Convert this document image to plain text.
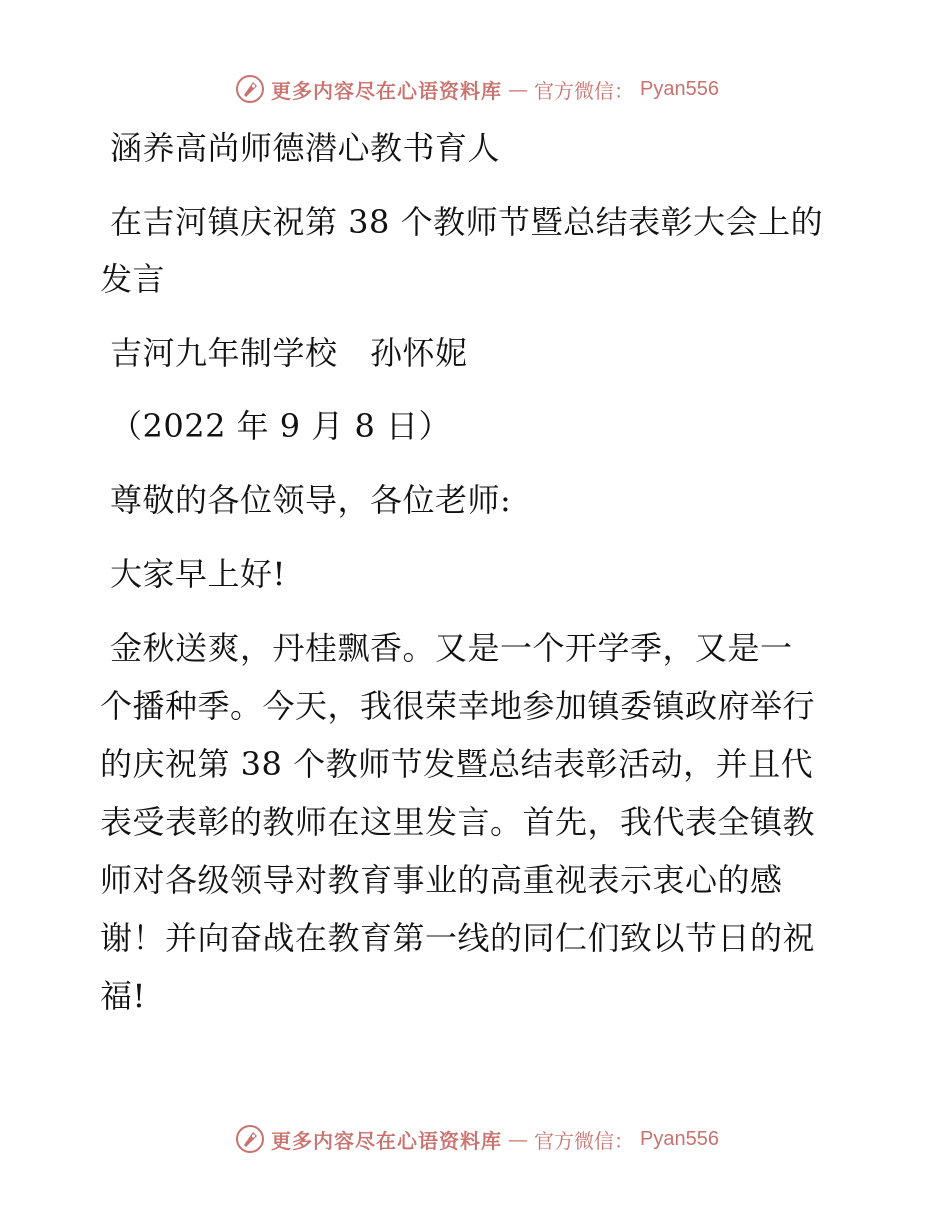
更多内容尽在心语资料库 — 官方微信： Pyan556
涵养高尚师德潜心教书育人
在吉河镇庆祝第 38 个教师节暨总结表彰大会上的
发言
吉河九年制学校　孙怀妮
（2022 年 9 月 8 日）
尊敬的各位领导，各位老师:
大家早上好!
金秋送爽，丹桂飘香。又是一个开学季，又是一
个播种季。今天，我很荣幸地参加镇委镇政府举行
的庆祝第 38 个教师节发暨总结表彰活动，并且代
表受表彰的教师在这里发言。首先，我代表全镇教
师对各级领导对教育事业的高重视表示衷心的感
谢！并向奋战在教育第一线的同仁们致以节日的祝
福!
更多内容尽在心语资料库 — 官方微信： Pyan556
